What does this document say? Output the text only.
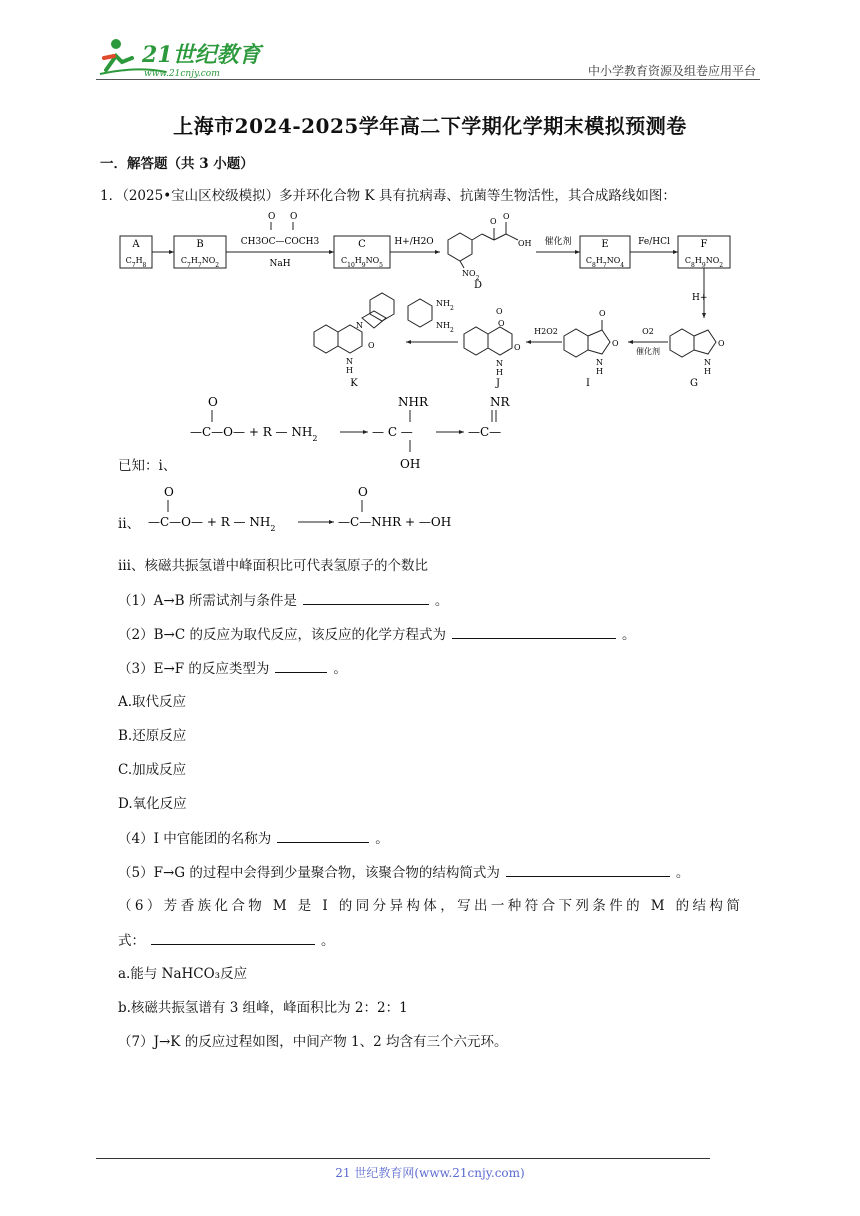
21世纪教育
www.21cnjy.com	中小学教育资源及组卷应用平台
上海市2024-2025学年高二下学期化学期末模拟预测卷
一．解答题（共 3 小题）
1．（2025•宝山区校级模拟）多并环化合物 K 具有抗病毒、抗菌等生物活性，其合成路线如图：
A
$C_7H_8$
B
$C_7H_7NO_2$
O O
CH3OC—COCH3
NaH
C
$C_{10}H_9NO_5$
H+/H2O
O
O
OH
$NO_2$
D
催化剂	E
$C_8H_7NO_4$
Fe/HCl	F
$C_8H_9NO_2$
H+
O
N
H
G
O2
催化剂
O
O
N
H
I
H2O2
O
O
O
N
H
J
$NH_2$
$NH_2$
N
O
N
H
K
O
—C—O— + R — $NH_2$
NHR
— C —
OH
NR
—C—
已知：ⅰ、
ⅱ、
O
—C—O— + R — $NH_2$
O
—C—NHR + —OH
ⅲ、核磁共振氢谱中峰面积比可代表氢原子的个数比
（1）A→B 所需试剂与条件是	。
（2）B→C 的反应为取代反应，该反应的化学方程式为	。
（3）E→F 的反应类型为	。
A.取代反应
B.还原反应
C.加成反应
D.氧化反应
（4）I 中官能团的名称为	。
（5）F→G 的过程中会得到少量聚合物，该聚合物的结构简式为	。
（6）芳香族化合物 M 是 I 的同分异构体，写出一种符合下列条件的 M 的结构简
式：	。
a.能与 NaHCO₃反应
b.核磁共振氢谱有 3 组峰，峰面积比为 2：2：1
（7）J→K 的反应过程如图，中间产物 1、2 均含有三个六元环。
21 世纪教育网(www.21cnjy.com)
